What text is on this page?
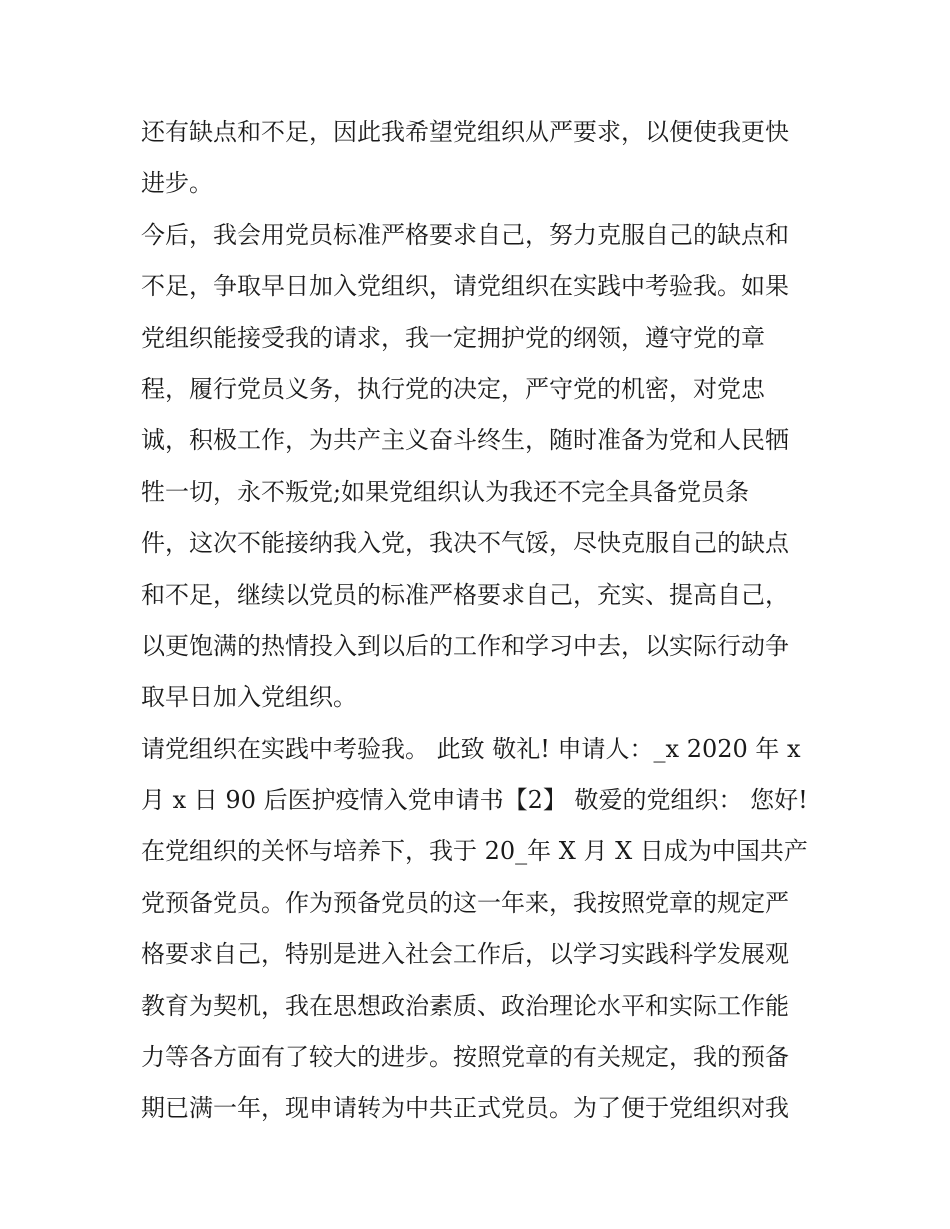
还有缺点和不足，因此我希望党组织从严要求，以便使我更快
进步。
今后，我会用党员标准严格要求自己，努力克服自己的缺点和
不足，争取早日加入党组织，请党组织在实践中考验我。如果
党组织能接受我的请求，我一定拥护党的纲领，遵守党的章
程，履行党员义务，执行党的决定，严守党的机密，对党忠
诚，积极工作，为共产主义奋斗终生，随时准备为党和人民牺
牲一切，永不叛党;如果党组织认为我还不完全具备党员条
件，这次不能接纳我入党，我决不气馁，尽快克服自己的缺点
和不足，继续以党员的标准严格要求自己，充实、提高自己，
以更饱满的热情投入到以后的工作和学习中去，以实际行动争
取早日加入党组织。
请党组织在实践中考验我。 此致 敬礼! 申请人：_x 2020 年 x
月 x 日 90 后医护疫情入党申请书【2】 敬爱的党组织： 您好!
在党组织的关怀与培养下，我于 20_年 X 月 X 日成为中国共产
党预备党员。作为预备党员的这一年来，我按照党章的规定严
格要求自己，特别是进入社会工作后，以学习实践科学发展观
教育为契机，我在思想政治素质、政治理论水平和实际工作能
力等各方面有了较大的进步。按照党章的有关规定，我的预备
期已满一年，现申请转为中共正式党员。为了便于党组织对我
